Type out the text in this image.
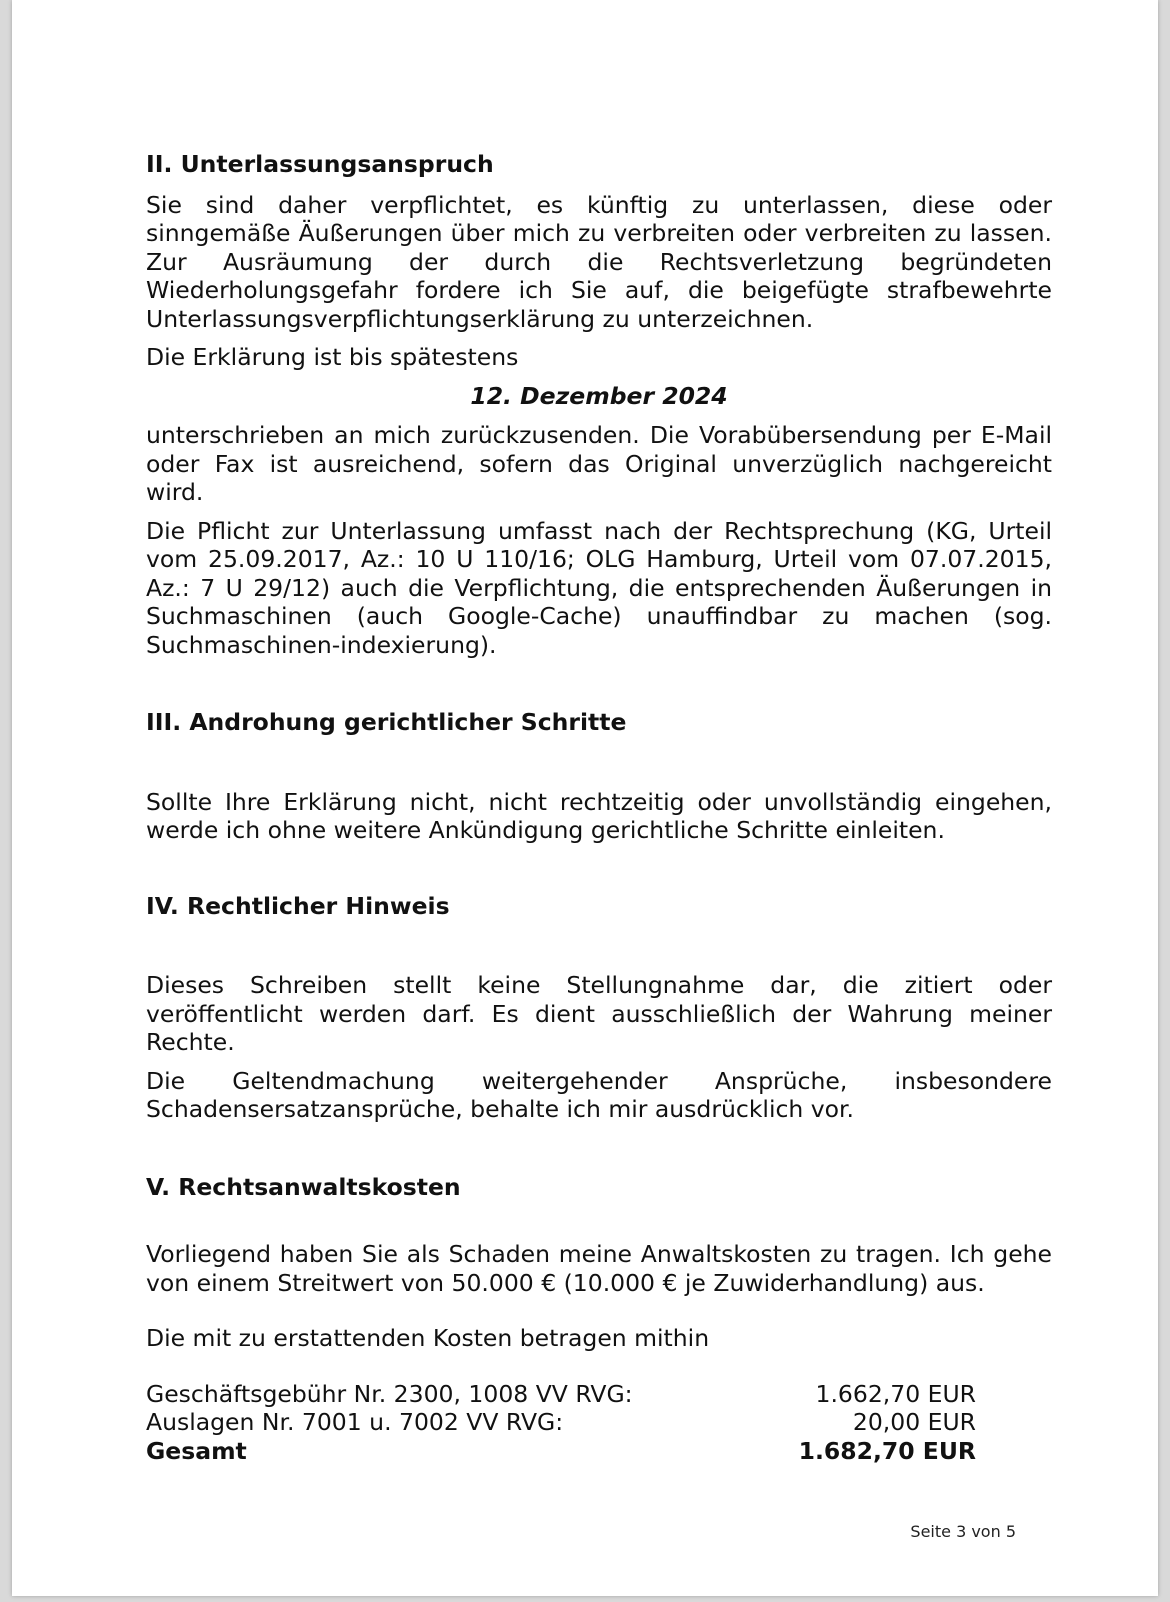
II. Unterlassungsanspruch

Sie sind daher verpflichtet, es künftig zu unterlassen, diese oder sinngemäße Äußerungen über mich zu verbreiten oder verbreiten zu lassen. Zur Ausräumung der durch die Rechtsverletzung begründeten Wiederholungsgefahr fordere ich Sie auf, die beigefügte strafbewehrte Unterlassungsverpflichtungserklärung zu unterzeichnen.

Die Erklärung ist bis spätestens

12. Dezember 2024

unterschrieben an mich zurückzusenden. Die Vorabübersendung per E-Mail oder Fax ist ausreichend, sofern das Original unverzüglich nachgereicht wird.

Die Pflicht zur Unterlassung umfasst nach der Rechtsprechung (KG, Urteil vom 25.09.2017, Az.: 10 U 110/16; OLG Hamburg, Urteil vom 07.07.2015, Az.: 7 U 29/12) auch die Verpflichtung, die entsprechenden Äußerungen in Suchmaschinen (auch Google-Cache) unauffindbar zu machen (sog. Suchmaschinen-indexierung).

III. Androhung gerichtlicher Schritte

Sollte Ihre Erklärung nicht, nicht rechtzeitig oder unvollständig eingehen, werde ich ohne weitere Ankündigung gerichtliche Schritte einleiten.

IV. Rechtlicher Hinweis

Dieses Schreiben stellt keine Stellungnahme dar, die zitiert oder veröffentlicht werden darf. Es dient ausschließlich der Wahrung meiner Rechte.

Die Geltendmachung weitergehender Ansprüche, insbesondere Schadensersatzansprüche, behalte ich mir ausdrücklich vor.

V. Rechtsanwaltskosten

Vorliegend haben Sie als Schaden meine Anwaltskosten zu tragen. Ich gehe von einem Streitwert von 50.000 € (10.000 € je Zuwiderhandlung) aus.

Die mit zu erstattenden Kosten betragen mithin

Geschäftsgebühr Nr. 2300, 1008 VV RVG:	1.662,70 EUR
Auslagen Nr. 7001 u. 7002 VV RVG:	20,00 EUR
Gesamt	1.682,70 EUR
Seite 3 von 5
